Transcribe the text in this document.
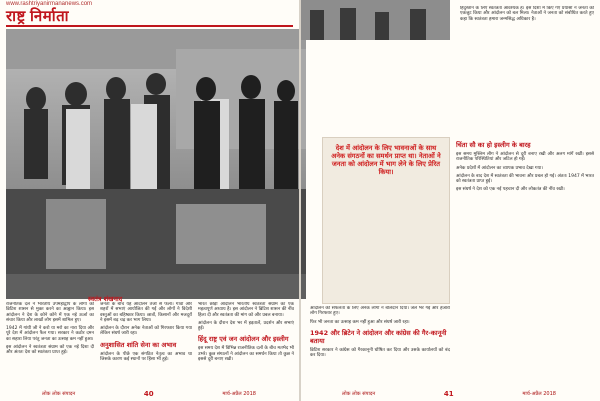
www.rashtriyanirmananews.com
राष्ट्र निर्माता
स्वतंत्र शंखनाद

राजनैतिक दल ने भारतीय उपमहाद्वीप के लोगों को ब्रिटिश शासन से मुक्त करने का आह्वान किया। इस आंदोलन ने देश के कोने कोने में एक नई ऊर्जा का संचार किया और लाखों लोग इसमें शामिल हुए।

1942 में गांधी जी ने करो या मरो का नारा दिया और पूरे देश में आंदोलन फैल गया। सरकार ने कठोर दमन का सहारा लिया परंतु जनता का उत्साह कम नहीं हुआ।

इस आंदोलन ने स्वतंत्रता संग्राम को एक नई दिशा दी और अंततः देश को स्वतंत्रता प्राप्त हुई।

जनता के बीच यह आंदोलन तेजी से फैला। गांवों और शहरों में सभाएं आयोजित की गईं और लोगों ने विदेशी वस्तुओं का बहिष्कार किया। छात्रों, किसानों और मजदूरों ने इसमें बढ़ चढ़ कर भाग लिया।

आंदोलन के दौरान अनेक नेताओं को गिरफ्तार किया गया लेकिन संघर्ष जारी रहा।

अनुशासित शांति सेना का अभाव

आंदोलन के पीछे एक संगठित नेतृत्व का अभाव था जिसके कारण कई स्थानों पर हिंसा भी हुई।

भारत छोड़ो आंदोलन भारतीय स्वतंत्रता संग्राम का एक महत्वपूर्ण अध्याय है। इस आंदोलन ने ब्रिटिश शासन की नींव हिला दी और स्वतंत्रता की मांग को और प्रबल बनाया।

आंदोलन के दौरान देश भर में हड़तालें, प्रदर्शन और सभाएं हुईं।

हिंदू राष्ट्र एवं जन आंदोलन और इस्लीग

इस समय देश में विभिन्न राजनीतिक दलों के बीच मतभेद भी उभरे। कुछ संगठनों ने आंदोलन का समर्थन किया तो कुछ ने इससे दूरी बनाए रखी।

हिंदुस्तान के लिए स्वतंत्रता आवश्यक है। इस दिशा में किए गए प्रयासों ने जनता को एकजुट किया और आंदोलन को बल मिला। नेताओं ने जनता को संबोधित करते हुए कहा कि स्वतंत्रता हमारा जन्मसिद्ध अधिकार है।

देश में आंदोलन के लिए भावनाओं के साथ अनेक संगठनों का समर्थन प्राप्त था। नेताओं ने जनता को आंदोलन में भाग लेने के लिए प्रेरित किया।
चिंता सौ का हो इस्लीग के बारह

इस समय मुस्लिम लीग ने आंदोलन से दूरी बनाए रखी और अलग मांगें रखीं। इससे राजनीतिक परिस्थितियां और जटिल हो गईं।

अनेक प्रदेशों में आंदोलन का व्यापक प्रभाव देखा गया।

आंदोलन के बाद देश में स्वतंत्रता की भावना और प्रबल हो गई। अंततः 1947 में भारत को स्वतंत्रता प्राप्त हुई।

इस संघर्ष ने देश को एक नई पहचान दी और लोकतंत्र की नींव रखी।

आंदोलन की सफलता के लिए अनेक लोगों ने बलिदान दिया। जेलें भर गईं और हजारों लोग गिरफ्तार हुए।

फिर भी जनता का उत्साह कम नहीं हुआ और संघर्ष जारी रहा।

1942 और ब्रिटेन ने आंदोलन और कांग्रेस की गैर-कानूनी बताया

ब्रिटिश सरकार ने कांग्रेस को गैरकानूनी घोषित कर दिया और उसके कार्यालयों को बंद कर दिया।

लोक लोक संपादन	40	मार्च-अप्रैल 2018	लोक लोक संपादन	41	मार्च-अप्रैल 2018
